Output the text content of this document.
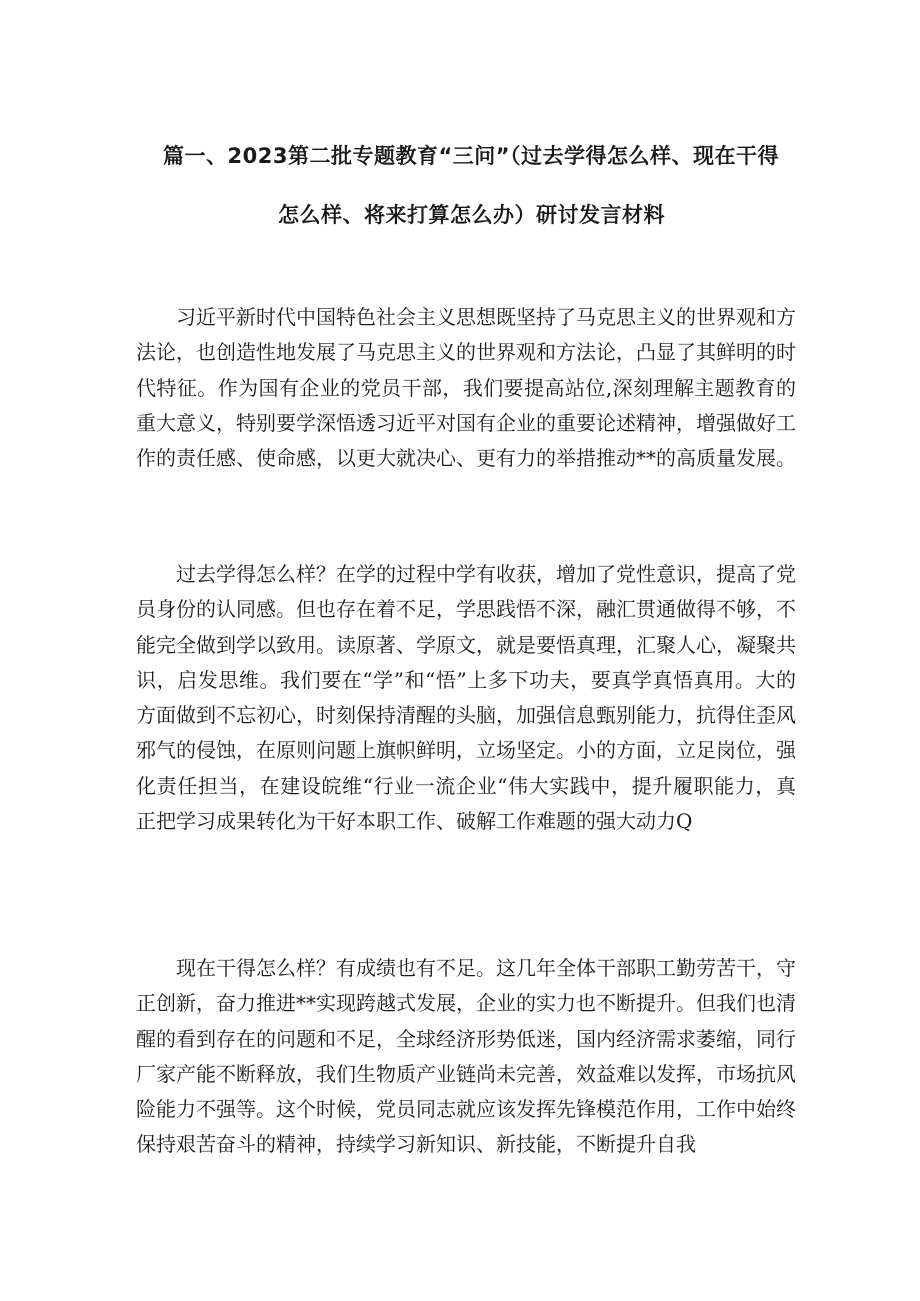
篇一、2023第二批专题教育“三问”（过去学得怎么样、现在干得
怎么样、将来打算怎么办）研讨发言材料
习近平新时代中国特色社会主义思想既坚持了马克思主义的世界观和方法论，也创造性地发展了马克思主义的世界观和方法论，凸显了其鲜明的时代特征。作为国有企业的党员干部，我们要提高站位,深刻理解主题教育的重大意义，特别要学深悟透习近平对国有企业的重要论述精神，增强做好工作的责任感、使命感，以更大就决心、更有力的举措推动**的高质量发展。
过去学得怎么样？在学的过程中学有收获，增加了党性意识，提高了党员身份的认同感。但也存在着不足，学思践悟不深，融汇贯通做得不够，不能完全做到学以致用。读原著、学原文，就是要悟真理，汇聚人心，凝聚共识，启发思维。我们要在“学”和“悟”上多下功夫，要真学真悟真用。大的方面做到不忘初心，时刻保持清醒的头脑，加强信息甄别能力，抗得住歪风邪气的侵蚀，在原则问题上旗帜鲜明，立场坚定。小的方面，立足岗位，强化责任担当，在建设皖维“行业一流企业“伟大实践中，提升履职能力，真正把学习成果转化为干好本职工作、破解工作难题的强大动力Q
现在干得怎么样？有成绩也有不足。这几年全体干部职工勤劳苦干，守正创新，奋力推进**实现跨越式发展，企业的实力也不断提升。但我们也清醒的看到存在的问题和不足，全球经济形势低迷，国内经济需求萎缩，同行厂家产能不断释放，我们生物质产业链尚未完善，效益难以发挥，市场抗风险能力不强等。这个时候，党员同志就应该发挥先锋模范作用，工作中始终保持艰苦奋斗的精神，持续学习新知识、新技能，不断提升自我
